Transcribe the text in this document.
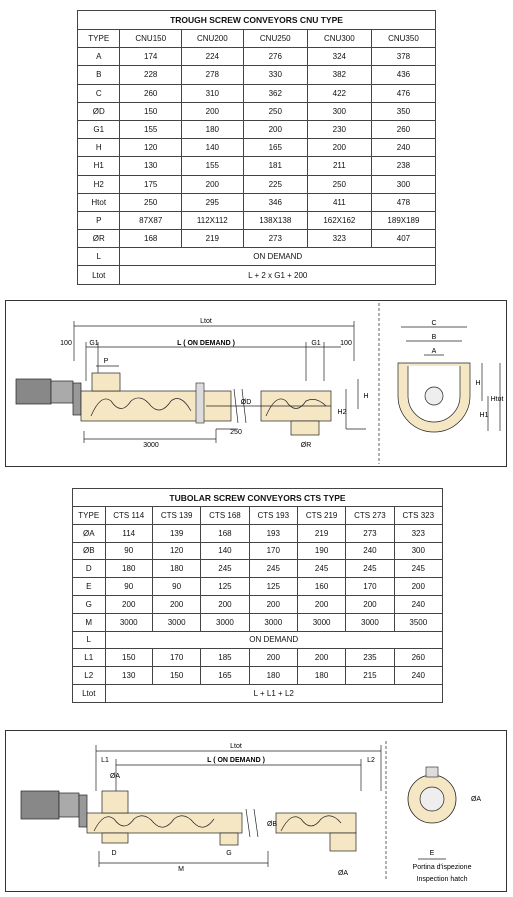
TROUGH SCREW CONVEYORS CNU TYPE					
TYPE	CNU150	CNU200	CNU250	CNU300	CNU350
A	174	224	276	324	378
B	228	278	330	382	436
C	260	310	362	422	476
ØD	150	200	250	300	350
G1	155	180	200	230	260
H	120	140	165	200	240
H1	130	155	181	211	238
H2	175	200	225	250	300
Htot	250	295	346	411	478
P	87X87	112X112	138X138	162X162	189X189
ØR	168	219	273	323	407
L	ON DEMAND				
Ltot	L + 2 x G1 + 200				
Ltot
L ( ON DEMAND )
100 G1	G1	100
P
3000
250
ØD
ØR
H2
H
C
B
A
H
Htot
H1
TUBOLAR SCREW CONVEYORS CTS TYPE							
TYPE	CTS 114	CTS 139	CTS 168	CTS 193	CTS 219	CTS 273	CTS 323
ØA	114	139	168	193	219	273	323
ØB	90	120	140	170	190	240	300
D	180	180	245	245	245	245	245
E	90	90	125	125	160	170	200
G	200	200	200	200	200	200	240
M	3000	3000	3000	3000	3000	3000	3500
L	ON DEMAND						
L1	150	170	185	200	200	235	260
L2	130	150	165	180	180	215	240
Ltot	L + L1 + L2						
Ltot
L ( ON DEMAND )
L1	L2
ØA
ØB
D	G
M
ØA
E
ØA
Portina d'ispezione
Inspection hatch
